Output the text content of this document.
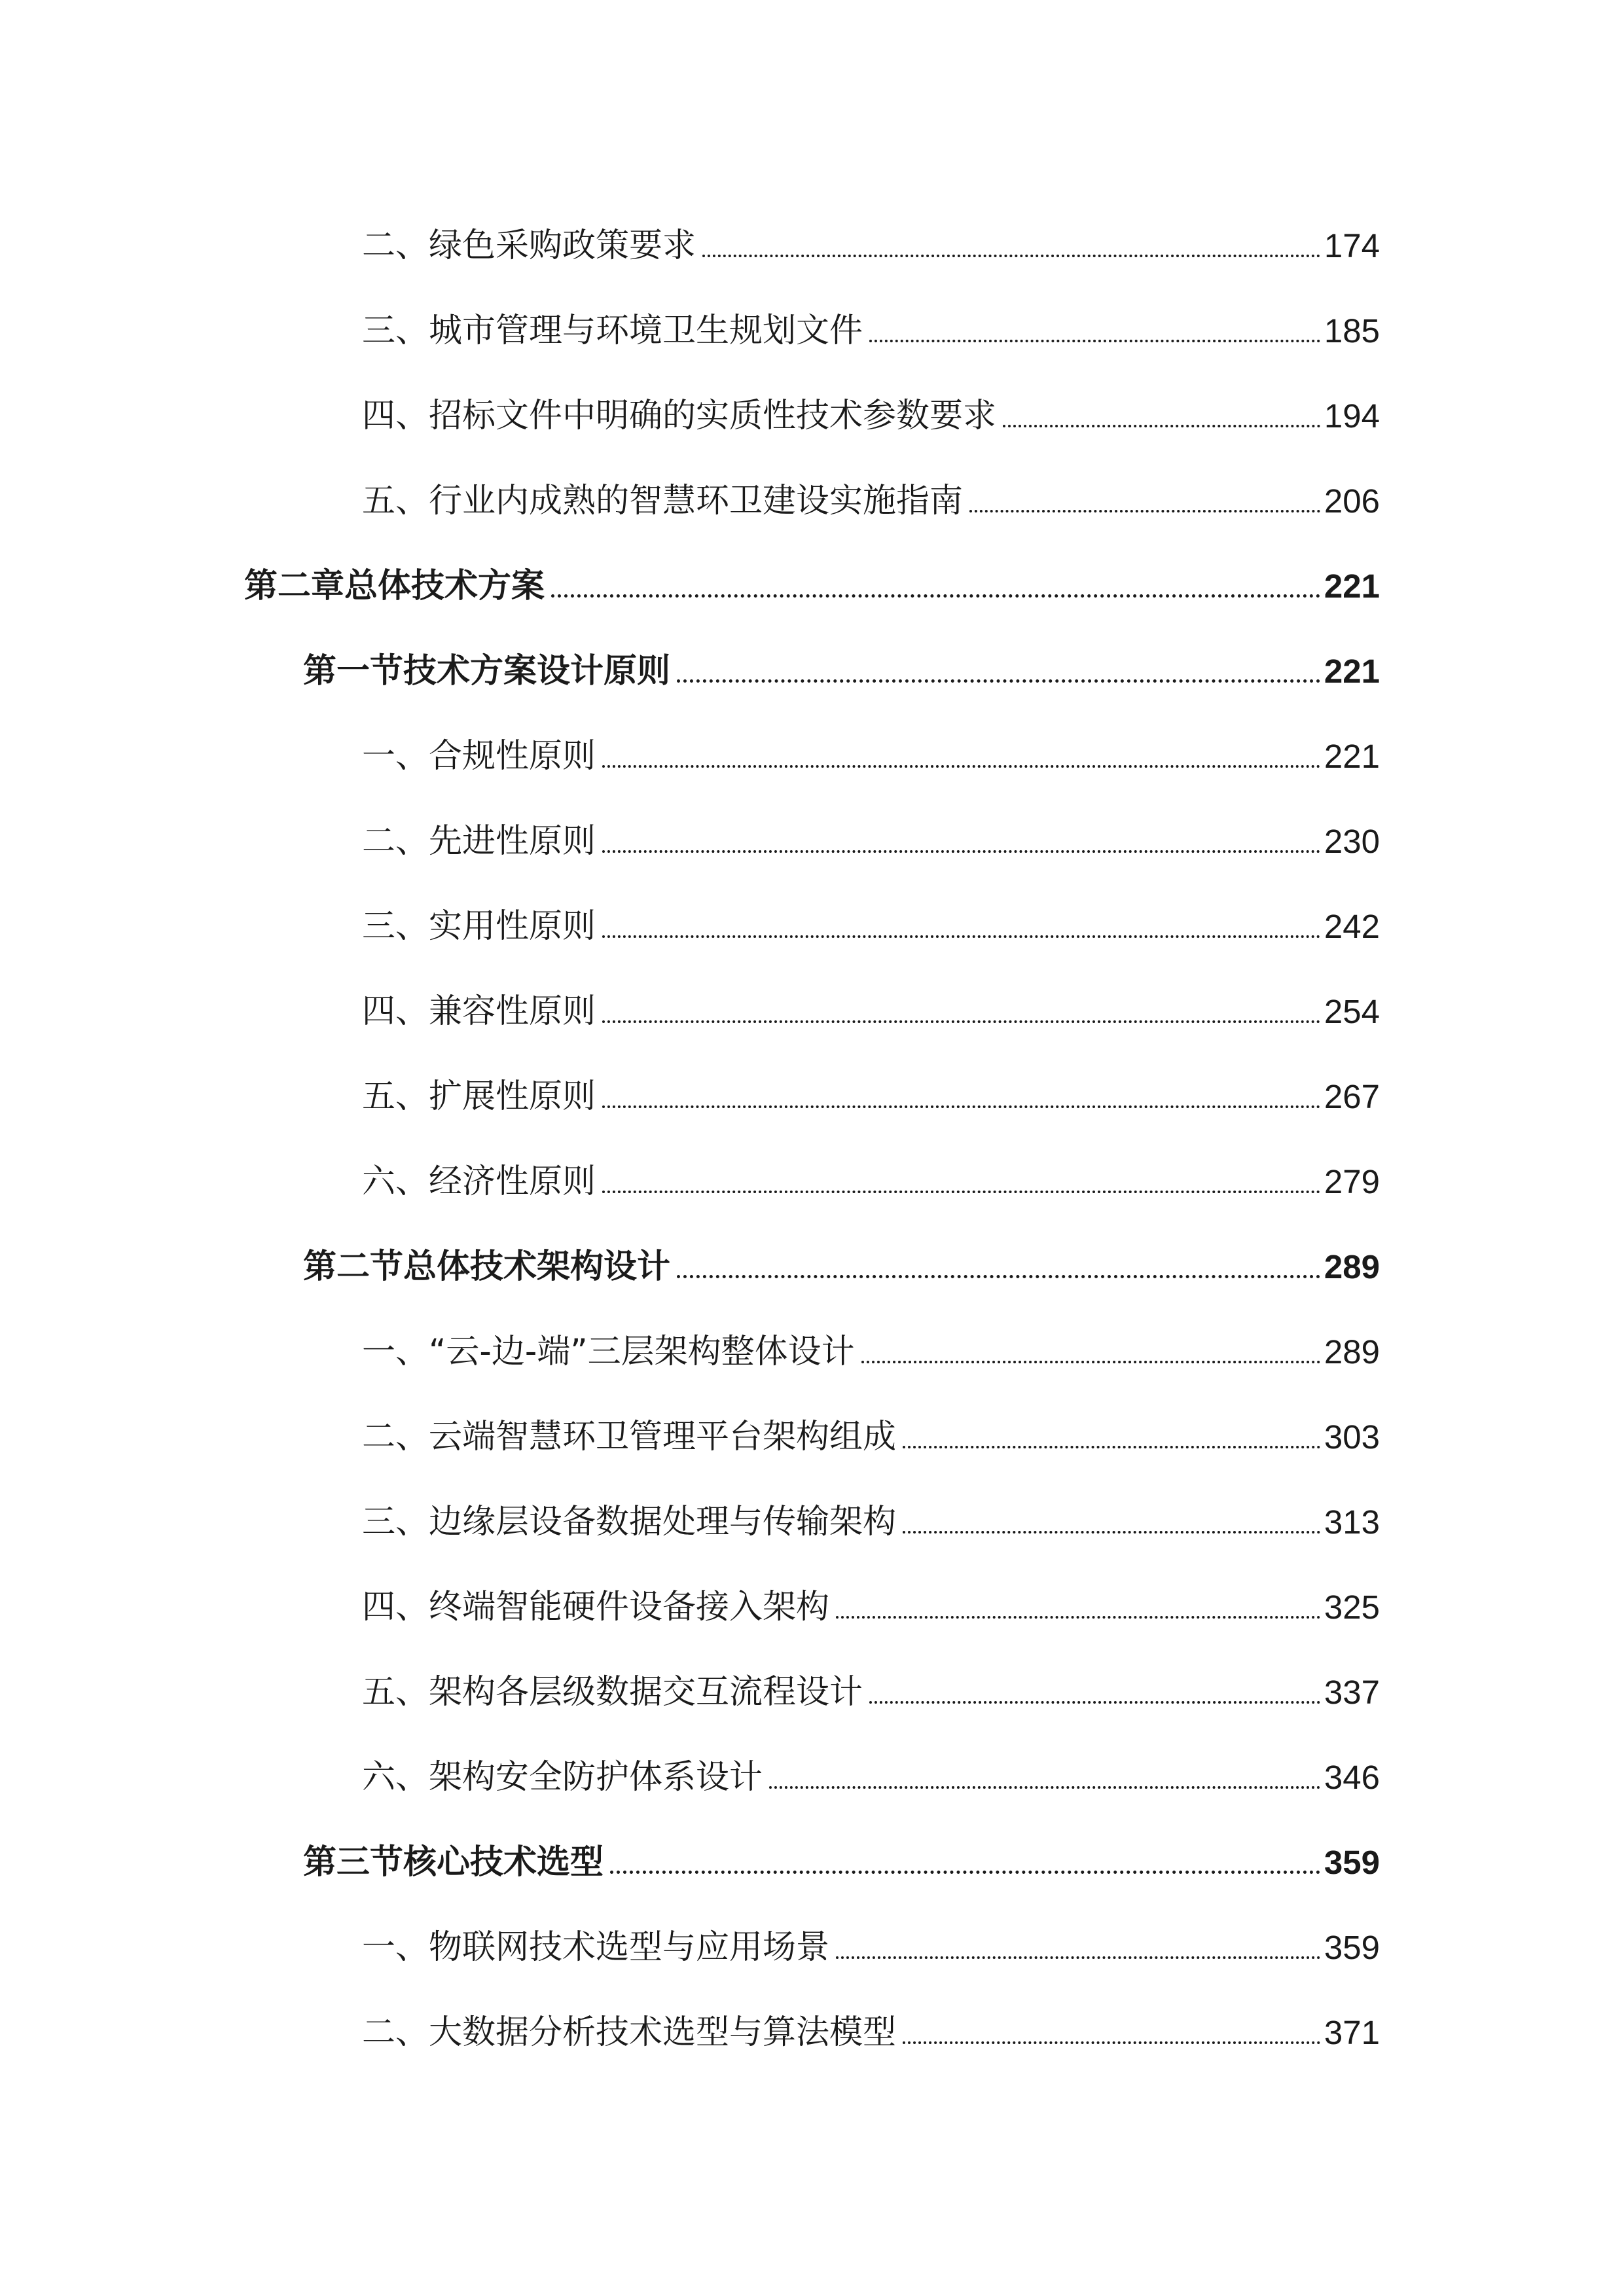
二、绿色采购政策要求	174
三、城市管理与环境卫生规划文件	185
四、招标文件中明确的实质性技术参数要求	194
五、行业内成熟的智慧环卫建设实施指南	206
第二章总体技术方案	221
第一节技术方案设计原则	221
一、合规性原则	221
二、先进性原则	230
三、实用性原则	242
四、兼容性原则	254
五、扩展性原则	267
六、经济性原则	279
第二节总体技术架构设计	289
一、“云-边-端”三层架构整体设计	289
二、云端智慧环卫管理平台架构组成	303
三、边缘层设备数据处理与传输架构	313
四、终端智能硬件设备接入架构	325
五、架构各层级数据交互流程设计	337
六、架构安全防护体系设计	346
第三节核心技术选型	359
一、物联网技术选型与应用场景	359
二、大数据分析技术选型与算法模型	371
